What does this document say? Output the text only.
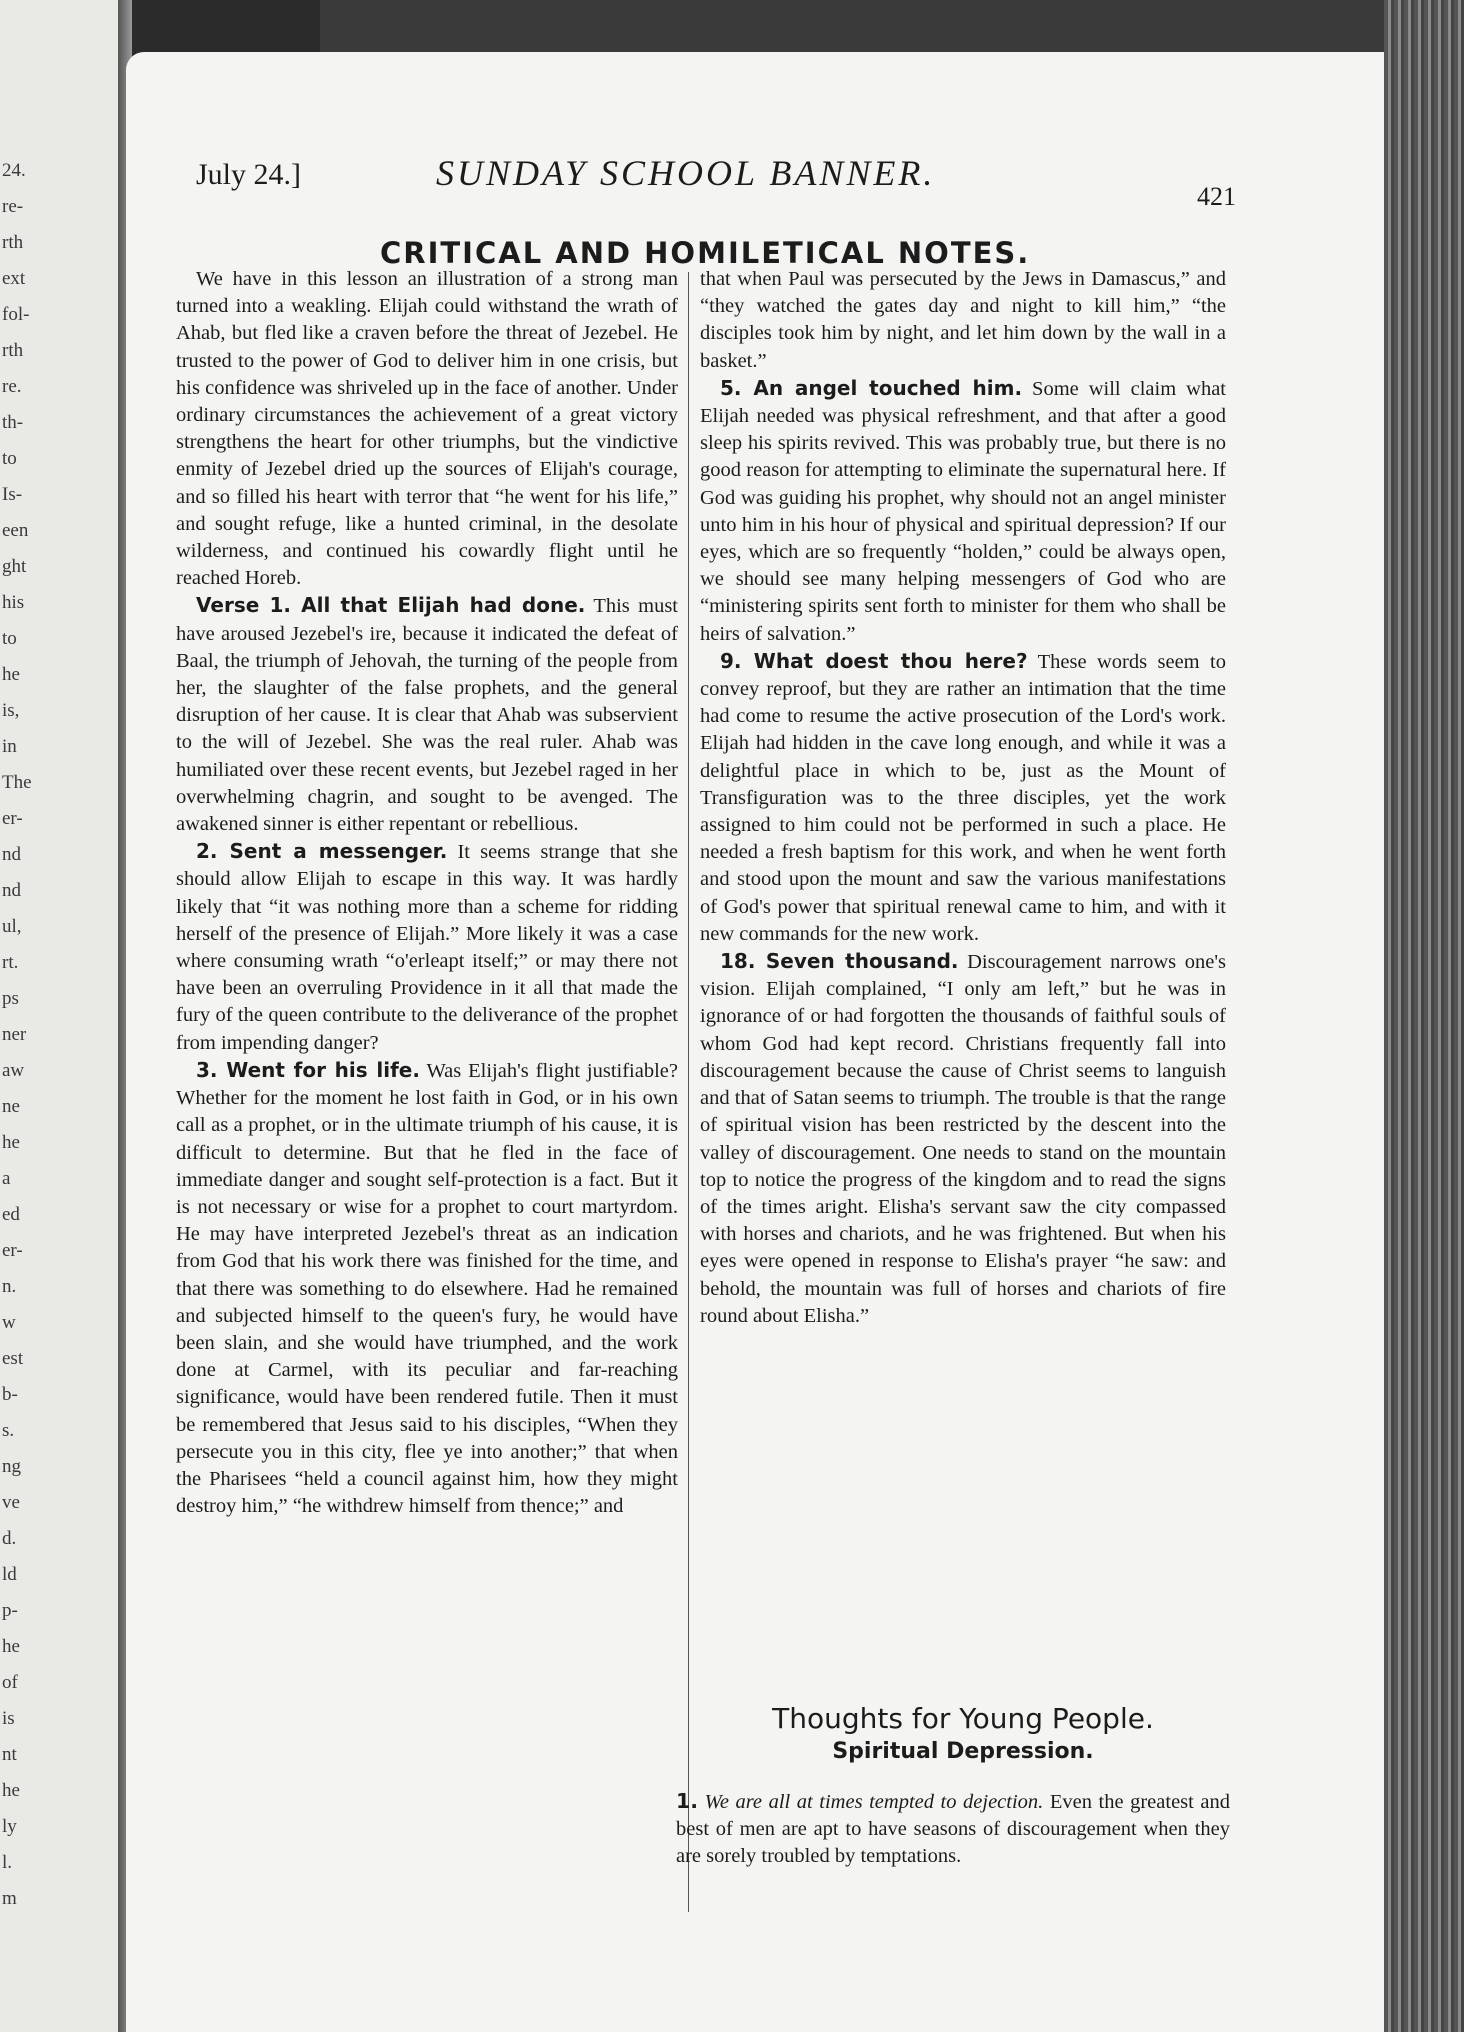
24.
re-
rth
ext
fol-
rth
re.
th-
to
Is-
een
ght
his
to
he
is,
in
The
er-
nd
nd
ul,
rt.
ps
ner
aw
ne
he
a
ed
er-
n.
w
est
b-
s.
ng
ve
d.
ld
p-
he
of
is
nt
he
ly
l.
m
July 24.]	SUNDAY SCHOOL BANNER.
421
CRITICAL AND HOMILETICAL NOTES.

We have in this lesson an illustration of a strong man turned into a weakling. Elijah could withstand the wrath of Ahab, but fled like a craven before the threat of Jezebel. He trusted to the power of God to deliver him in one crisis, but his confidence was shriveled up in the face of another. Under ordinary circumstances the achievement of a great victory strengthens the heart for other triumphs, but the vindictive enmity of Jezebel dried up the sources of Elijah's courage, and so filled his heart with terror that “he went for his life,” and sought refuge, like a hunted criminal, in the desolate wilderness, and continued his cowardly flight until he reached Horeb.

Verse 1. All that Elijah had done. This must have aroused Jezebel's ire, because it indicated the defeat of Baal, the triumph of Jehovah, the turning of the people from her, the slaughter of the false prophets, and the general disruption of her cause. It is clear that Ahab was subservient to the will of Jezebel. She was the real ruler. Ahab was humiliated over these recent events, but Jezebel raged in her overwhelming chagrin, and sought to be avenged. The awakened sinner is either repentant or rebellious.

2. Sent a messenger. It seems strange that she should allow Elijah to escape in this way. It was hardly likely that “it was nothing more than a scheme for ridding herself of the presence of Elijah.” More likely it was a case where consuming wrath “o'erleapt itself;” or may there not have been an overruling Providence in it all that made the fury of the queen contribute to the deliverance of the prophet from impending danger?

3. Went for his life. Was Elijah's flight justifiable? Whether for the moment he lost faith in God, or in his own call as a prophet, or in the ultimate triumph of his cause, it is difficult to determine. But that he fled in the face of immediate danger and sought self-protection is a fact. But it is not necessary or wise for a prophet to court martyrdom. He may have interpreted Jezebel's threat as an indication from God that his work there was finished for the time, and that there was something to do elsewhere. Had he remained and subjected himself to the queen's fury, he would have been slain, and she would have triumphed, and the work done at Carmel, with its peculiar and far-reaching significance, would have been rendered futile. Then it must be remembered that Jesus said to his disciples, “When they persecute you in this city, flee ye into another;” that when the Pharisees “held a council against him, how they might destroy him,” “he withdrew himself from thence;” and

that when Paul was persecuted by the Jews in Damascus,” and “they watched the gates day and night to kill him,” “the disciples took him by night, and let him down by the wall in a basket.”

5. An angel touched him. Some will claim what Elijah needed was physical refreshment, and that after a good sleep his spirits revived. This was probably true, but there is no good reason for attempting to eliminate the supernatural here. If God was guiding his prophet, why should not an angel minister unto him in his hour of physical and spiritual depression? If our eyes, which are so frequently “holden,” could be always open, we should see many helping messengers of God who are “ministering spirits sent forth to minister for them who shall be heirs of salvation.”

9. What doest thou here? These words seem to convey reproof, but they are rather an intimation that the time had come to resume the active prosecution of the Lord's work. Elijah had hidden in the cave long enough, and while it was a delightful place in which to be, just as the Mount of Transfiguration was to the three disciples, yet the work assigned to him could not be performed in such a place. He needed a fresh baptism for this work, and when he went forth and stood upon the mount and saw the various manifestations of God's power that spiritual renewal came to him, and with it new commands for the new work.

18. Seven thousand. Discouragement narrows one's vision. Elijah complained, “I only am left,” but he was in ignorance of or had forgotten the thousands of faithful souls of whom God had kept record. Christians frequently fall into discouragement because the cause of Christ seems to languish and that of Satan seems to triumph. The trouble is that the range of spiritual vision has been restricted by the descent into the valley of discouragement. One needs to stand on the mountain top to notice the progress of the kingdom and to read the signs of the times aright. Elisha's servant saw the city compassed with horses and chariots, and he was frightened. But when his eyes were opened in response to Elisha's prayer “he saw: and behold, the mountain was full of horses and chariots of fire round about Elisha.”

Thoughts for Young People.
Spiritual Depression.
1. We are all at times tempted to dejection. Even the greatest and best of men are apt to have seasons of discouragement when they are sorely troubled by temptations.
